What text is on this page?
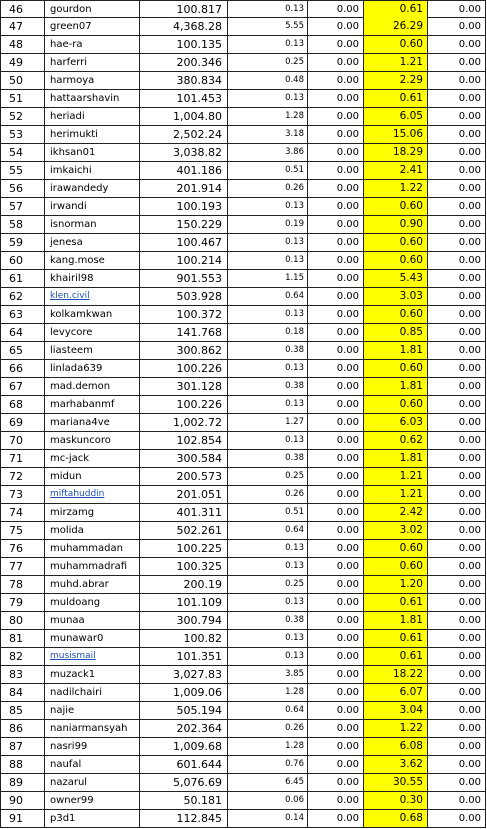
46	gourdon	100.817	0.13	0.00	0.61	0.00
47	green07	4,368.28	5.55	0.00	26.29	0.00
48	hae-ra	100.135	0.13	0.00	0.60	0.00
49	harferri	200.346	0.25	0.00	1.21	0.00
50	harmoya	380.834	0.48	0.00	2.29	0.00
51	hattaarshavin	101.453	0.13	0.00	0.61	0.00
52	heriadi	1,004.80	1.28	0.00	6.05	0.00
53	herimukti	2,502.24	3.18	0.00	15.06	0.00
54	ikhsan01	3,038.82	3.86	0.00	18.29	0.00
55	imkaichi	401.186	0.51	0.00	2.41	0.00
56	irawandedy	201.914	0.26	0.00	1.22	0.00
57	irwandi	100.193	0.13	0.00	0.60	0.00
58	isnorman	150.229	0.19	0.00	0.90	0.00
59	jenesa	100.467	0.13	0.00	0.60	0.00
60	kang.mose	100.214	0.13	0.00	0.60	0.00
61	khairil98	901.553	1.15	0.00	5.43	0.00
62	klen.civil	503.928	0.64	0.00	3.03	0.00
63	kolkamkwan	100.372	0.13	0.00	0.60	0.00
64	levycore	141.768	0.18	0.00	0.85	0.00
65	liasteem	300.862	0.38	0.00	1.81	0.00
66	linlada639	100.226	0.13	0.00	0.60	0.00
67	mad.demon	301.128	0.38	0.00	1.81	0.00
68	marhabanmf	100.226	0.13	0.00	0.60	0.00
69	mariana4ve	1,002.72	1.27	0.00	6.03	0.00
70	maskuncoro	102.854	0.13	0.00	0.62	0.00
71	mc-jack	300.584	0.38	0.00	1.81	0.00
72	midun	200.573	0.25	0.00	1.21	0.00
73	miftahuddin	201.051	0.26	0.00	1.21	0.00
74	mirzamg	401.311	0.51	0.00	2.42	0.00
75	molida	502.261	0.64	0.00	3.02	0.00
76	muhammadan	100.225	0.13	0.00	0.60	0.00
77	muhammadrafi	100.325	0.13	0.00	0.60	0.00
78	muhd.abrar	200.19	0.25	0.00	1.20	0.00
79	muldoang	101.109	0.13	0.00	0.61	0.00
80	munaa	300.794	0.38	0.00	1.81	0.00
81	munawar0	100.82	0.13	0.00	0.61	0.00
82	musismail	101.351	0.13	0.00	0.61	0.00
83	muzack1	3,027.83	3.85	0.00	18.22	0.00
84	nadilchairi	1,009.06	1.28	0.00	6.07	0.00
85	najie	505.194	0.64	0.00	3.04	0.00
86	naniarmansyah	202.364	0.26	0.00	1.22	0.00
87	nasri99	1,009.68	1.28	0.00	6.08	0.00
88	naufal	601.644	0.76	0.00	3.62	0.00
89	nazarul	5,076.69	6.45	0.00	30.55	0.00
90	owner99	50.181	0.06	0.00	0.30	0.00
91	p3d1	112.845	0.14	0.00	0.68	0.00
